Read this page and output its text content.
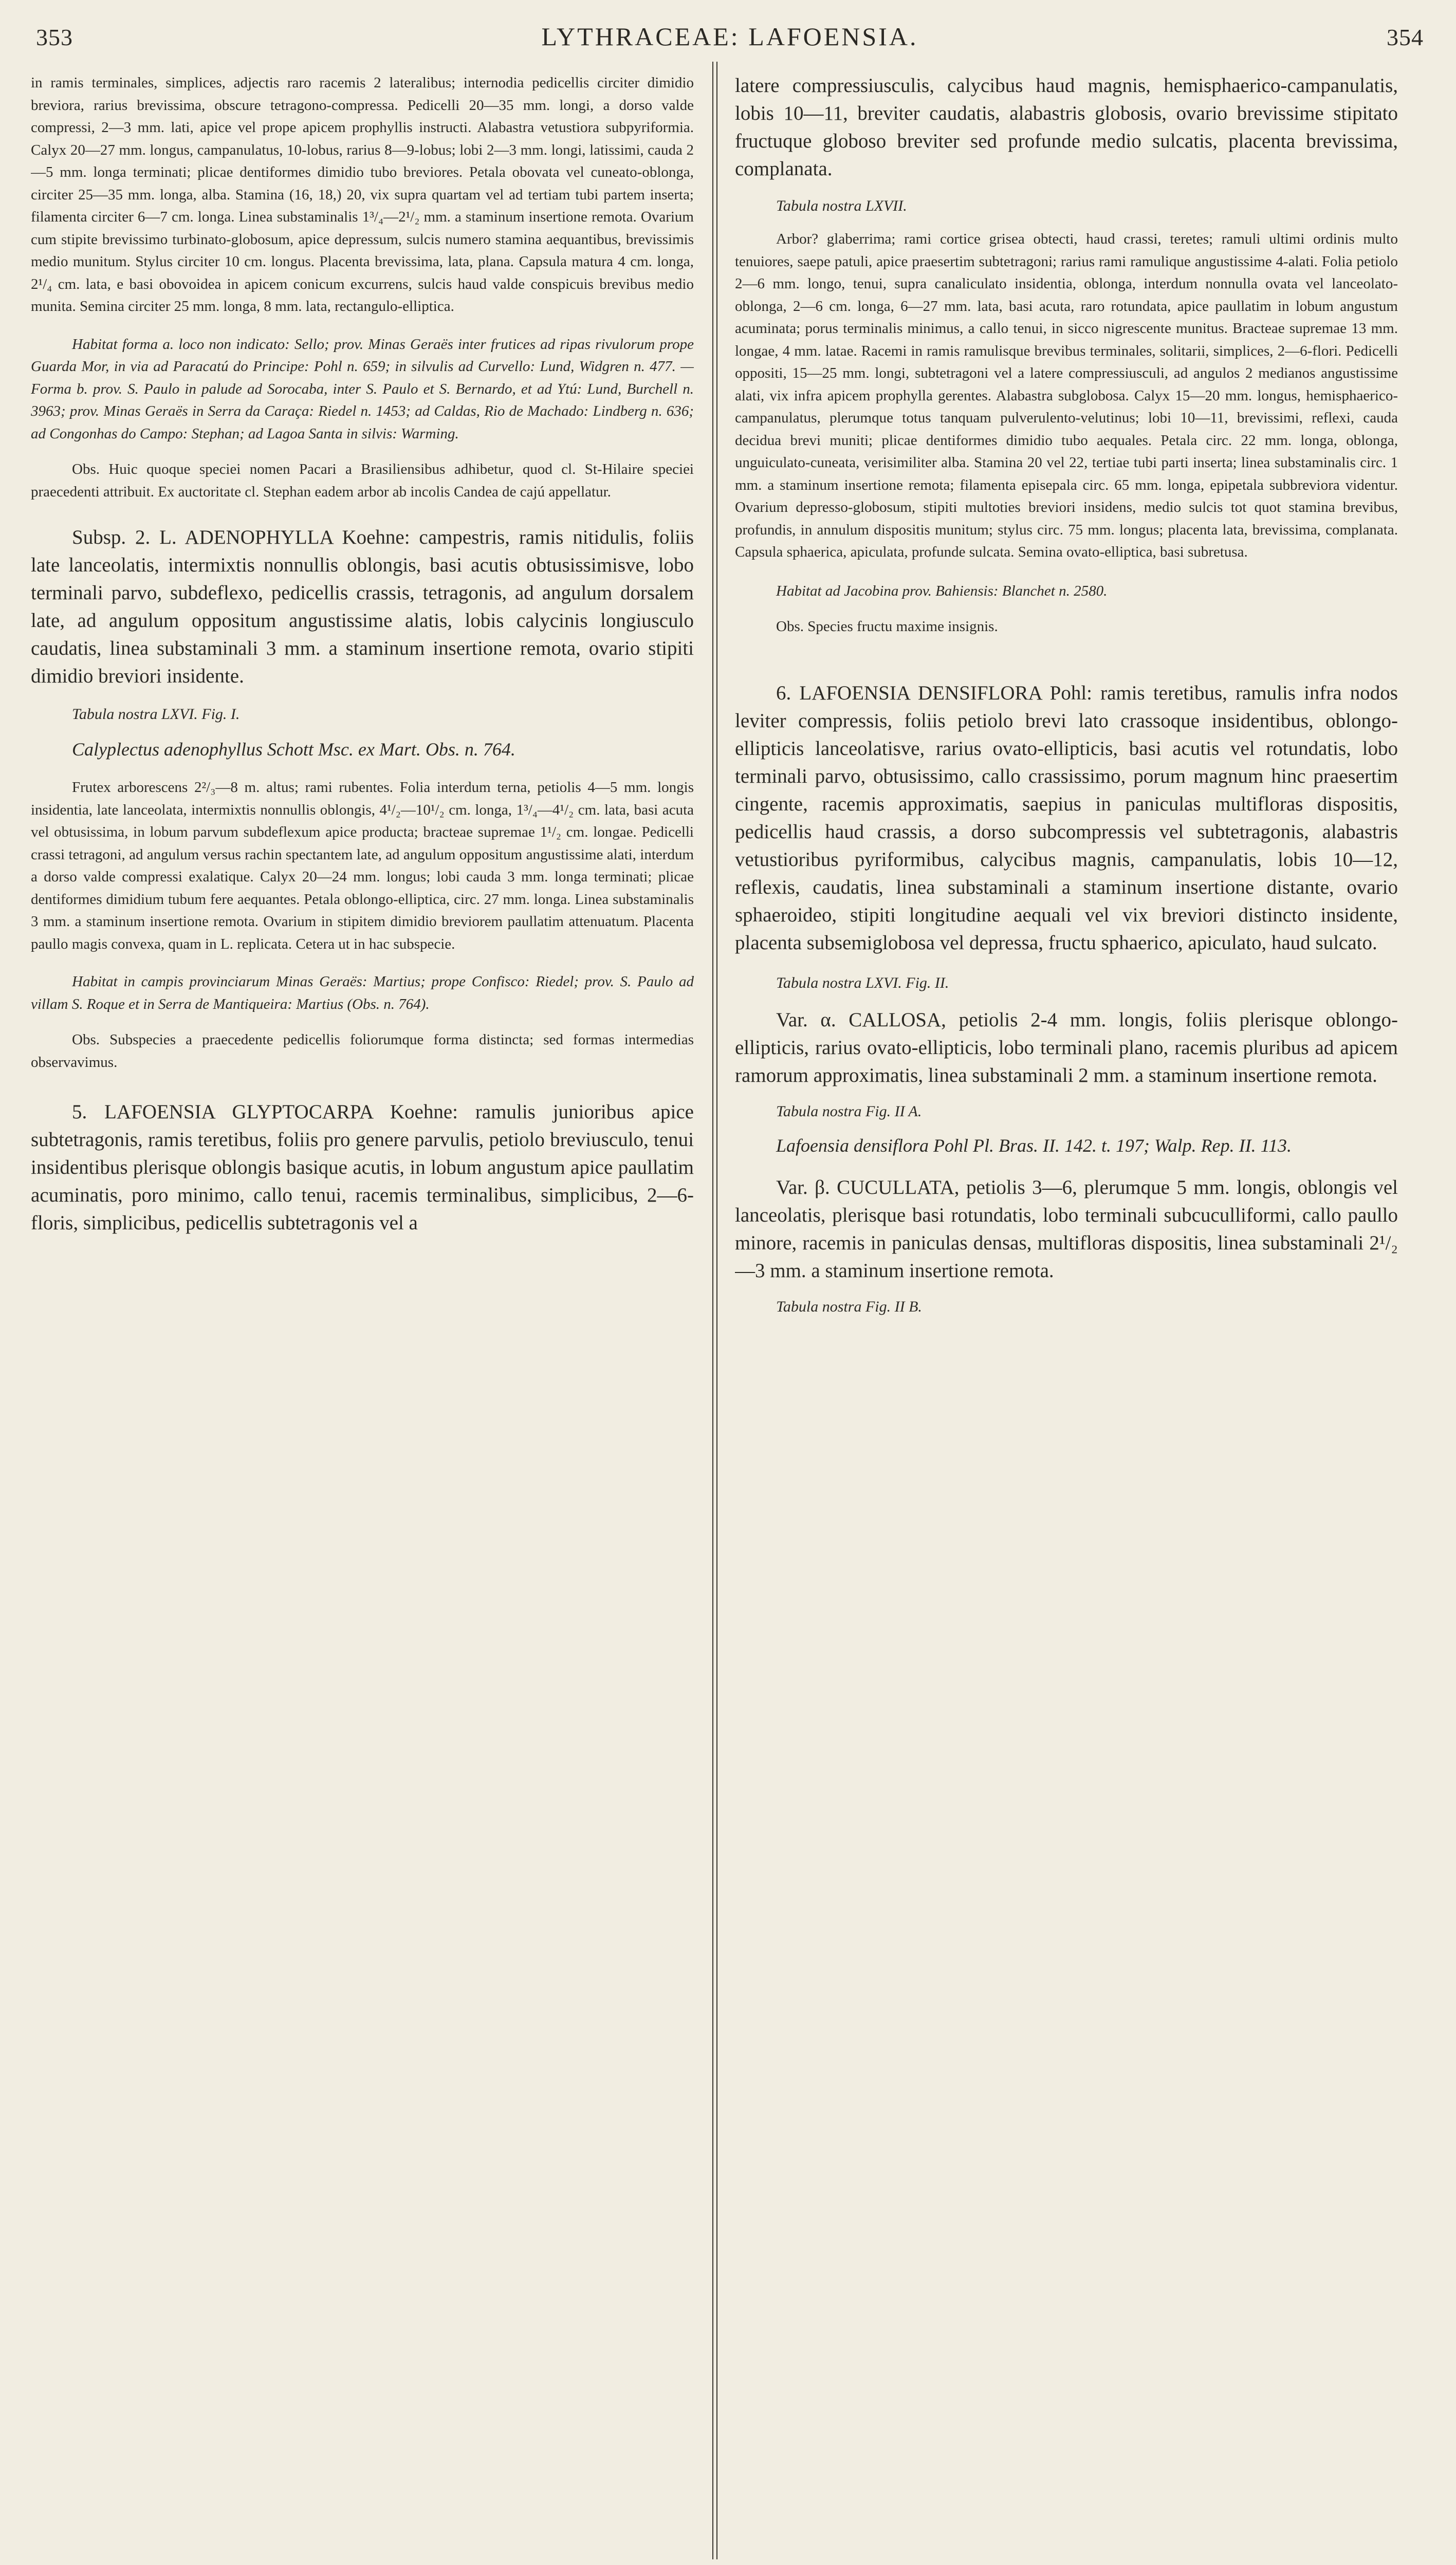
353	LYTHRACEAE: LAFOENSIA.	354

in ramis terminales, simplices, adjectis raro racemis 2 lateralibus; internodia pedicellis circiter dimidio breviora, rarius brevissima, obscure tetragono-compressa. Pedicelli 20—35 mm. longi, a dorso valde compressi, 2—3 mm. lati, apice vel prope apicem prophyllis instructi. Alabastra vetustiora subpyriformia. Calyx 20—27 mm. longus, campanulatus, 10-lobus, rarius 8—9-lobus; lobi 2—3 mm. longi, latissimi, cauda 2—5 mm. longa terminati; plicae dentiformes dimidio tubo breviores. Petala obovata vel cuneato-oblonga, circiter 25—35 mm. longa, alba. Stamina (16, 18,) 20, vix supra quartam vel ad tertiam tubi partem inserta; filamenta circiter 6—7 cm. longa. Linea substaminalis 1³/₄—2¹/₂ mm. a staminum insertione remota. Ovarium cum stipite brevissimo turbinato-globosum, apice depressum, sulcis numero stamina aequantibus, brevissimis medio munitum. Stylus circiter 10 cm. longus. Placenta brevissima, lata, plana. Capsula matura 4 cm. longa, 2¹/₄ cm. lata, e basi obovoidea in apicem conicum excurrens, sulcis haud valde conspicuis brevibus medio munita. Semina circiter 25 mm. longa, 8 mm. lata, rectangulo-elliptica.

Habitat forma a. loco non indicato: Sello; prov. Minas Geraës inter frutices ad ripas rivulorum prope Guarda Mor, in via ad Paracatú do Principe: Pohl n. 659; in silvulis ad Curvello: Lund, Widgren n. 477. — Forma b. prov. S. Paulo in palude ad Sorocaba, inter S. Paulo et S. Bernardo, et ad Ytú: Lund, Burchell n. 3963; prov. Minas Geraës in Serra da Caraça: Riedel n. 1453; ad Caldas, Rio de Machado: Lindberg n. 636; ad Congonhas do Campo: Stephan; ad Lagoa Santa in silvis: Warming.

Obs. Huic quoque speciei nomen Pacari a Brasiliensibus adhibetur, quod cl. St-Hilaire speciei praecedenti attribuit. Ex auctoritate cl. Stephan eadem arbor ab incolis Candea de cajú appellatur.

Subsp. 2. L. ADENOPHYLLA Koehne: campestris, ramis nitidulis, foliis late lanceolatis, intermixtis nonnullis oblongis, basi acutis obtusissimisve, lobo terminali parvo, subdeflexo, pedicellis crassis, tetragonis, ad angulum dorsalem late, ad angulum oppositum angustissime alatis, lobis calycinis longiusculo caudatis, linea substaminali 3 mm. a staminum insertione remota, ovario stipiti dimidio breviori insidente.

Tabula nostra LXVI. Fig. I.

Calyplectus adenophyllus Schott Msc. ex Mart. Obs. n. 764.

Frutex arborescens 2²/₃—8 m. altus; rami rubentes. Folia interdum terna, petiolis 4—5 mm. longis insidentia, late lanceolata, intermixtis nonnullis oblongis, 4¹/₂—10¹/₂ cm. longa, 1³/₄—4¹/₂ cm. lata, basi acuta vel obtusissima, in lobum parvum subdeflexum apice producta; bracteae supremae 1¹/₂ cm. longae. Pedicelli crassi tetragoni, ad angulum versus rachin spectantem late, ad angulum oppositum angustissime alati, interdum a dorso valde compressi exalatique. Calyx 20—24 mm. longus; lobi cauda 3 mm. longa terminati; plicae dentiformes dimidium tubum fere aequantes. Petala oblongo-elliptica, circ. 27 mm. longa. Linea substaminalis 3 mm. a staminum insertione remota. Ovarium in stipitem dimidio breviorem paullatim attenuatum. Placenta paullo magis convexa, quam in L. replicata. Cetera ut in hac subspecie.

Habitat in campis provinciarum Minas Geraës: Martius; prope Confisco: Riedel; prov. S. Paulo ad villam S. Roque et in Serra de Mantiqueira: Martius (Obs. n. 764).

Obs. Subspecies a praecedente pedicellis foliorumque forma distincta; sed formas intermedias observavimus.

5. LAFOENSIA GLYPTOCARPA Koehne: ramulis junioribus apice subtetragonis, ramis teretibus, foliis pro genere parvulis, petiolo breviusculo, tenui insidentibus plerisque oblongis basique acutis, in lobum angustum apice paullatim acuminatis, poro minimo, callo tenui, racemis terminalibus, simplicibus, 2—6-floris, simplicibus, pedicellis subtetragonis vel a

latere compressiusculis, calycibus haud magnis, hemisphaerico-campanulatis, lobis 10—11, breviter caudatis, alabastris globosis, ovario brevissime stipitato fructuque globoso breviter sed profunde medio sulcatis, placenta brevissima, complanata.

Tabula nostra LXVII.

Arbor? glaberrima; rami cortice grisea obtecti, haud crassi, teretes; ramuli ultimi ordinis multo tenuiores, saepe patuli, apice praesertim subtetragoni; rarius rami ramulique angustissime 4-alati. Folia petiolo 2—6 mm. longo, tenui, supra canaliculato insidentia, oblonga, interdum nonnulla ovata vel lanceolato-oblonga, 2—6 cm. longa, 6—27 mm. lata, basi acuta, raro rotundata, apice paullatim in lobum angustum acuminata; porus terminalis minimus, a callo tenui, in sicco nigrescente munitus. Bracteae supremae 13 mm. longae, 4 mm. latae. Racemi in ramis ramulisque brevibus terminales, solitarii, simplices, 2—6-flori. Pedicelli oppositi, 15—25 mm. longi, subtetragoni vel a latere compressiusculi, ad angulos 2 medianos angustissime alati, vix infra apicem prophylla gerentes. Alabastra subglobosa. Calyx 15—20 mm. longus, hemisphaerico-campanulatus, plerumque totus tanquam pulverulento-velutinus; lobi 10—11, brevissimi, reflexi, cauda decidua brevi muniti; plicae dentiformes dimidio tubo aequales. Petala circ. 22 mm. longa, oblonga, unguiculato-cuneata, verisimiliter alba. Stamina 20 vel 22, tertiae tubi parti inserta; linea substaminalis circ. 1 mm. a staminum insertione remota; filamenta episepala circ. 65 mm. longa, epipetala subbreviora videntur. Ovarium depresso-globosum, stipiti multoties breviori insidens, medio sulcis tot quot stamina brevibus, profundis, in annulum dispositis munitum; stylus circ. 75 mm. longus; placenta lata, brevissima, complanata. Capsula sphaerica, apiculata, profunde sulcata. Semina ovato-elliptica, basi subretusa.

Habitat ad Jacobina prov. Bahiensis: Blanchet n. 2580.

Obs. Species fructu maxime insignis.

6. LAFOENSIA DENSIFLORA Pohl: ramis teretibus, ramulis infra nodos leviter compressis, foliis petiolo brevi lato crassoque insidentibus, oblongo-ellipticis lanceolatisve, rarius ovato-ellipticis, basi acutis vel rotundatis, lobo terminali parvo, obtusissimo, callo crassissimo, porum magnum hinc praesertim cingente, racemis approximatis, saepius in paniculas multifloras dispositis, pedicellis haud crassis, a dorso subcompressis vel subtetragonis, alabastris vetustioribus pyriformibus, calycibus magnis, campanulatis, lobis 10—12, reflexis, caudatis, linea substaminali a staminum insertione distante, ovario sphaeroideo, stipiti longitudine aequali vel vix breviori distincto insidente, placenta subsemiglobosa vel depressa, fructu sphaerico, apiculato, haud sulcato.

Tabula nostra LXVI. Fig. II.

Var. α. CALLOSA, petiolis 2-4 mm. longis, foliis plerisque oblongo-ellipticis, rarius ovato-ellipticis, lobo terminali plano, racemis pluribus ad apicem ramorum approximatis, linea substaminali 2 mm. a staminum insertione remota.

Tabula nostra Fig. II A.

Lafoensia densiflora Pohl Pl. Bras. II. 142. t. 197; Walp. Rep. II. 113.

Var. β. CUCULLATA, petiolis 3—6, plerumque 5 mm. longis, oblongis vel lanceolatis, plerisque basi rotundatis, lobo terminali subcuculliformi, callo paullo minore, racemis in paniculas densas, multifloras dispositis, linea substaminali 2¹/₂—3 mm. a staminum insertione remota.

Tabula nostra Fig. II B.
